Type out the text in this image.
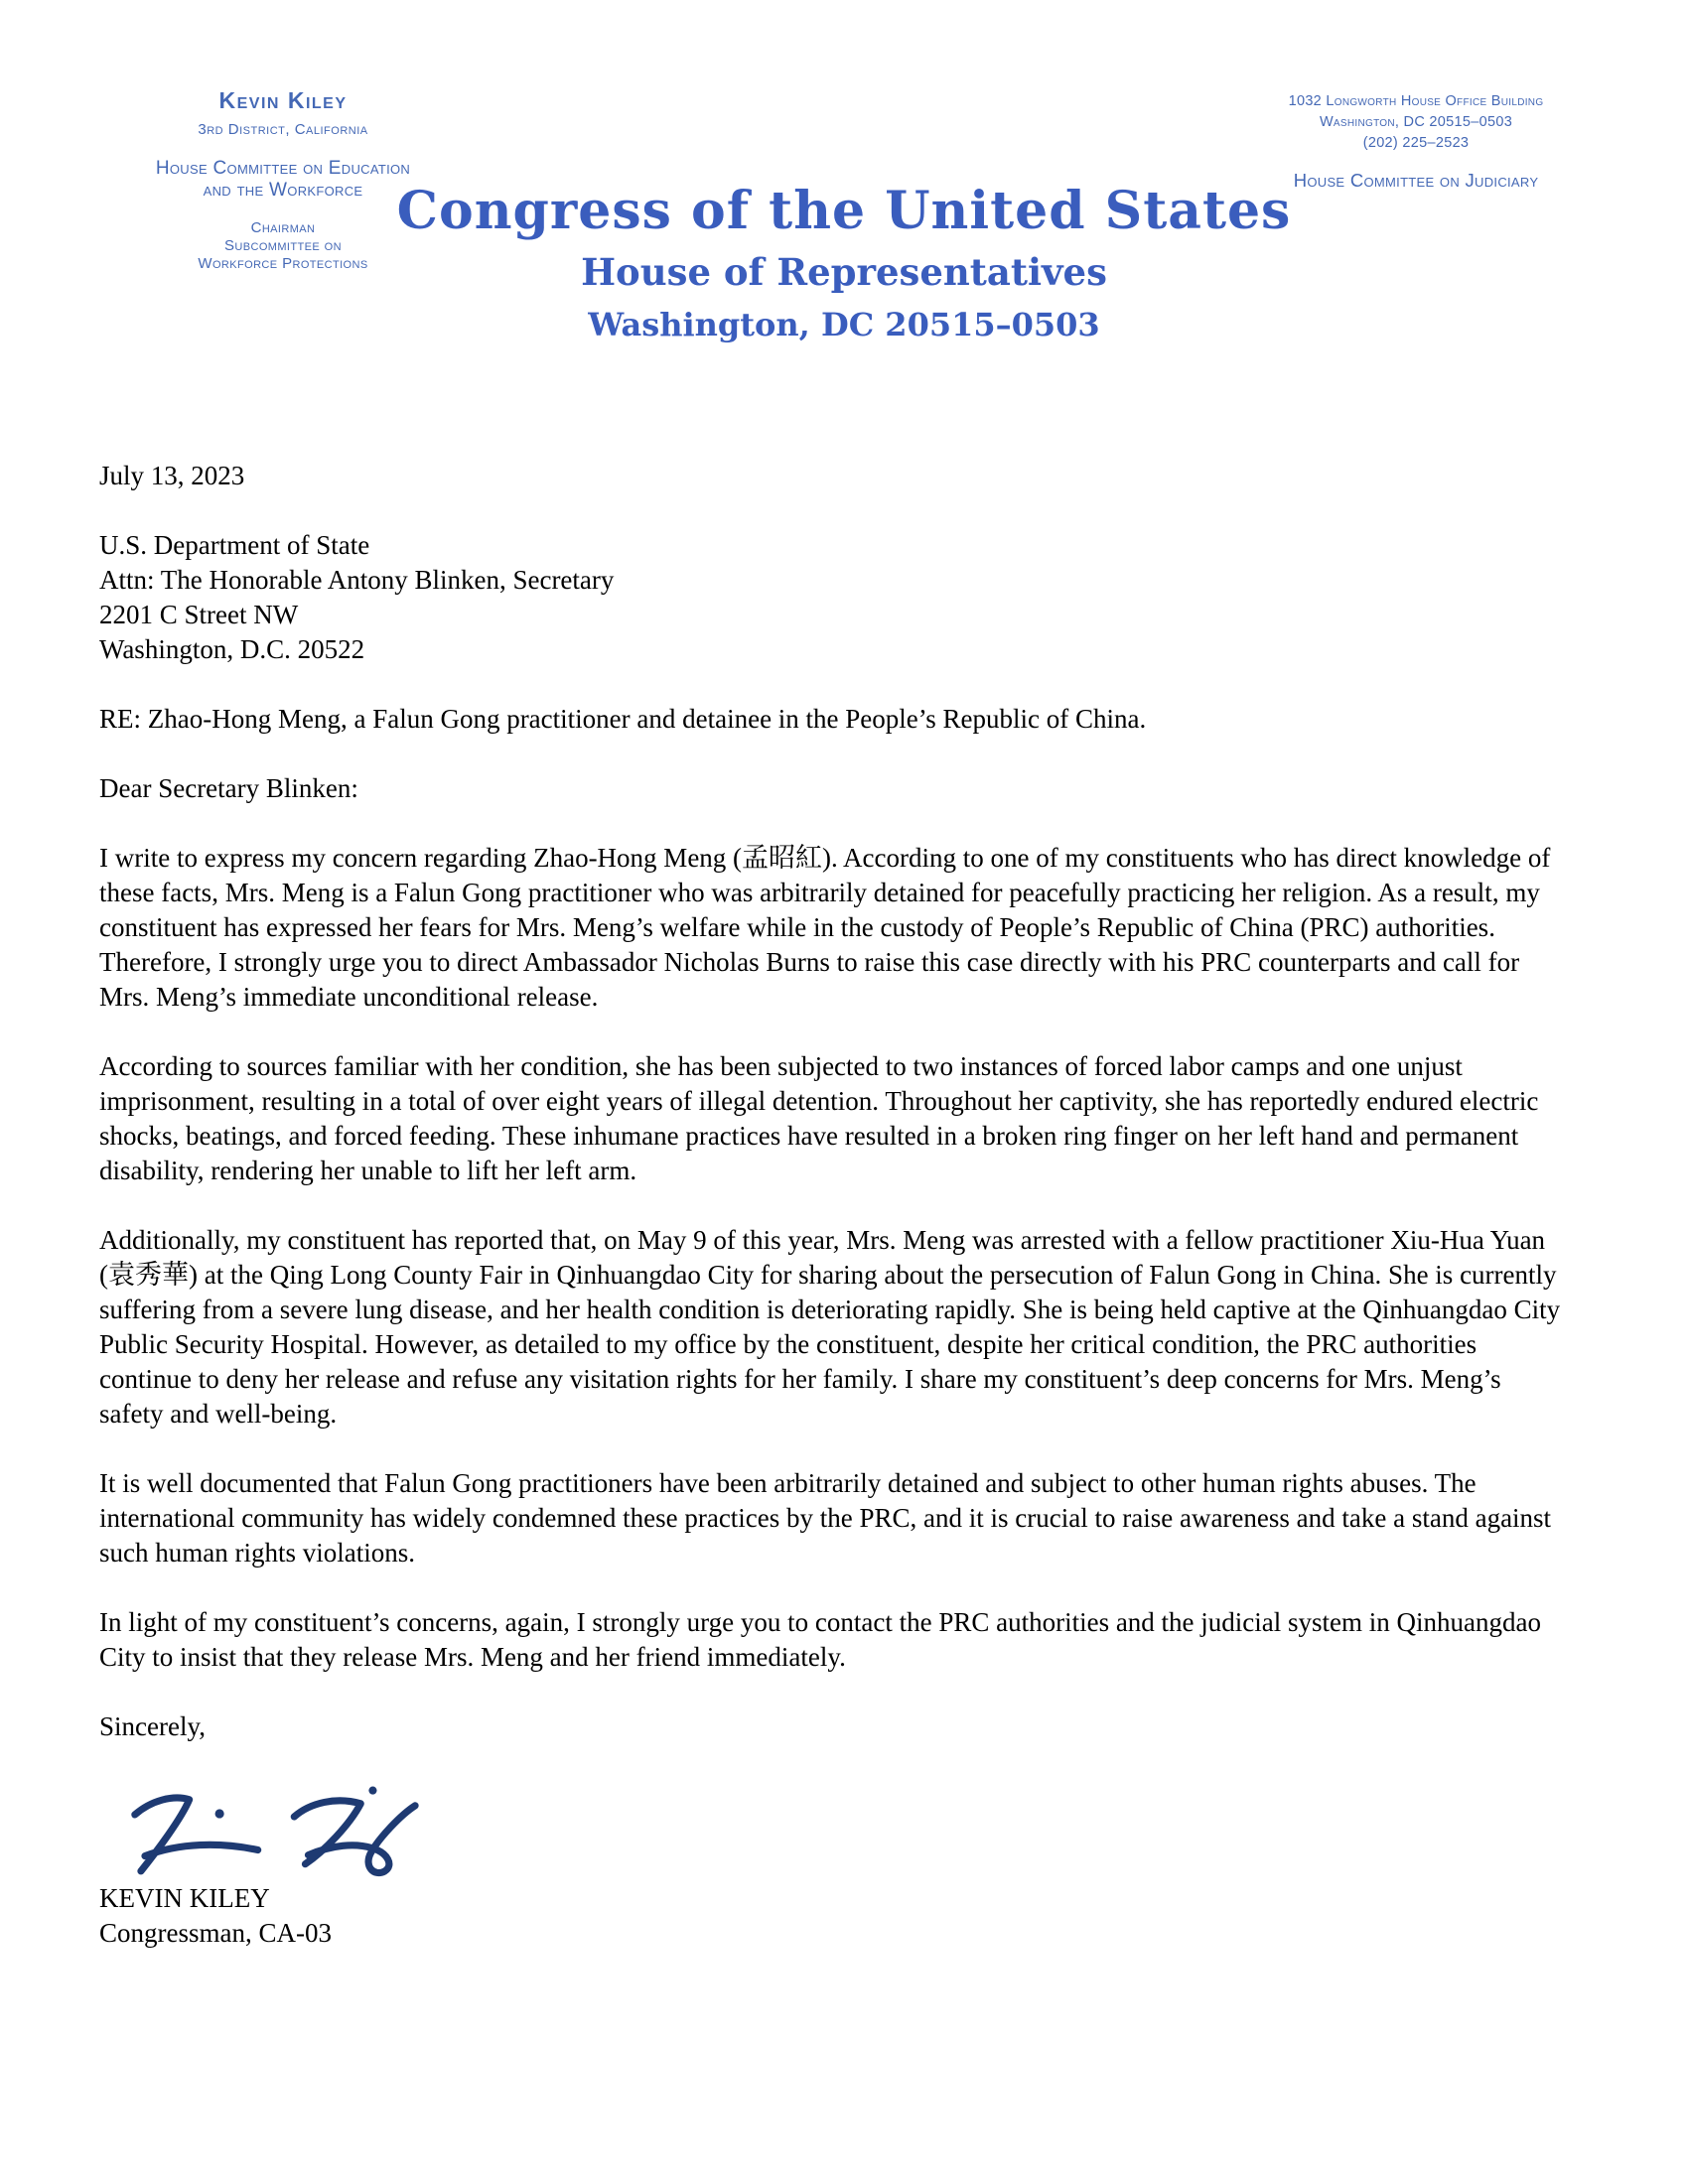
Kevin Kiley
3rd District, California
House Committee on Education
and the Workforce
Chairman
Subcommittee on
Workforce Protections
Congress of the United States
House of Representatives
Washington, DC 20515–0503
1032 Longworth House Office Building
Washington, DC 20515–0503
(202) 225–2523
House Committee on Judiciary

July 13, 2023

U.S. Department of State
Attn: The Honorable Antony Blinken, Secretary
2201 C Street NW
Washington, D.C. 20522

RE: Zhao-Hong Meng, a Falun Gong practitioner and detainee in the People’s Republic of China.

Dear Secretary Blinken:

I write to express my concern regarding Zhao-Hong Meng (孟昭紅). According to one of my constituents who has direct knowledge of these facts, Mrs. Meng is a Falun Gong practitioner who was arbitrarily detained for peacefully practicing her religion. As a result, my constituent has expressed her fears for Mrs. Meng’s welfare while in the custody of People’s Republic of China (PRC) authorities. Therefore, I strongly urge you to direct Ambassador Nicholas Burns to raise this case directly with his PRC counterparts and call for Mrs. Meng’s immediate unconditional release.

According to sources familiar with her condition, she has been subjected to two instances of forced labor camps and one unjust imprisonment, resulting in a total of over eight years of illegal detention. Throughout her captivity, she has reportedly endured electric shocks, beatings, and forced feeding. These inhumane practices have resulted in a broken ring finger on her left hand and permanent disability, rendering her unable to lift her left arm.

Additionally, my constituent has reported that, on May 9 of this year, Mrs. Meng was arrested with a fellow practitioner Xiu-Hua Yuan (袁秀華) at the Qing Long County Fair in Qinhuangdao City for sharing about the persecution of Falun Gong in China. She is currently suffering from a severe lung disease, and her health condition is deteriorating rapidly. She is being held captive at the Qinhuangdao City Public Security Hospital. However, as detailed to my office by the constituent, despite her critical condition, the PRC authorities continue to deny her release and refuse any visitation rights for her family. I share my constituent’s deep concerns for Mrs. Meng’s safety and well-being.

It is well documented that Falun Gong practitioners have been arbitrarily detained and subject to other human rights abuses. The international community has widely condemned these practices by the PRC, and it is crucial to raise awareness and take a stand against such human rights violations.

In light of my constituent’s concerns, again, I strongly urge you to contact the PRC authorities and the judicial system in Qinhuangdao City to insist that they release Mrs. Meng and her friend immediately.

Sincerely,

KEVIN KILEY
Congressman, CA-03
